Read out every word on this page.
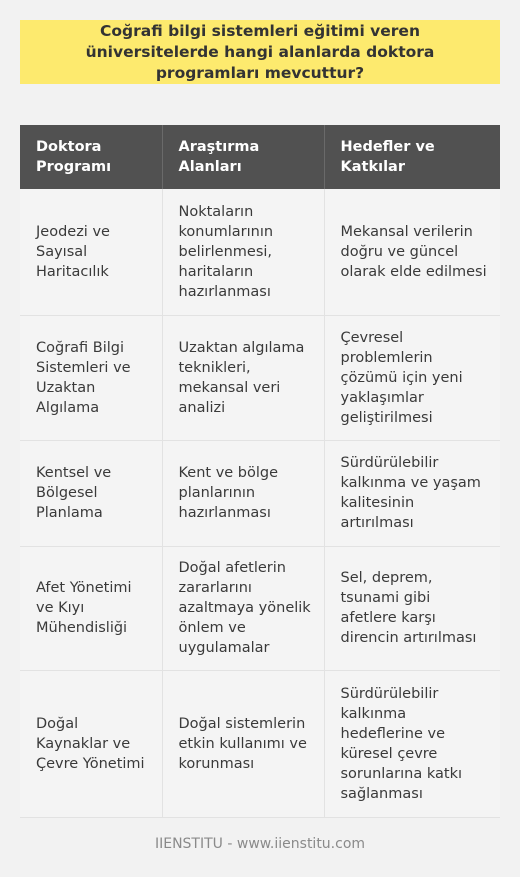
Coğrafi bilgi sistemleri eğitimi veren üniversitelerde hangi alanlarda doktora programları mevcuttur?

Doktora Programı	Araştırma Alanları	Hedefler ve Katkılar
Jeodezi ve Sayısal Haritacılık	Noktaların konumlarının belirlenmesi, haritaların hazırlanması	Mekansal verilerin doğru ve güncel olarak elde edilmesi
Coğrafi Bilgi Sistemleri ve Uzaktan Algılama	Uzaktan algılama teknikleri, mekansal veri analizi	Çevresel problemlerin çözümü için yeni yaklaşımlar geliştirilmesi
Kentsel ve Bölgesel Planlama	Kent ve bölge planlarının hazırlanması	Sürdürülebilir kalkınma ve yaşam kalitesinin artırılması
Afet Yönetimi ve Kıyı Mühendisliği	Doğal afetlerin zararlarını azaltmaya yönelik önlem ve uygulamalar	Sel, deprem, tsunami gibi afetlere karşı direncin artırılması
Doğal Kaynaklar ve Çevre Yönetimi	Doğal sistemlerin etkin kullanımı ve korunması	Sürdürülebilir kalkınma hedeflerine ve küresel çevre sorunlarına katkı sağlanması
IIENSTITU - www.iienstitu.com
